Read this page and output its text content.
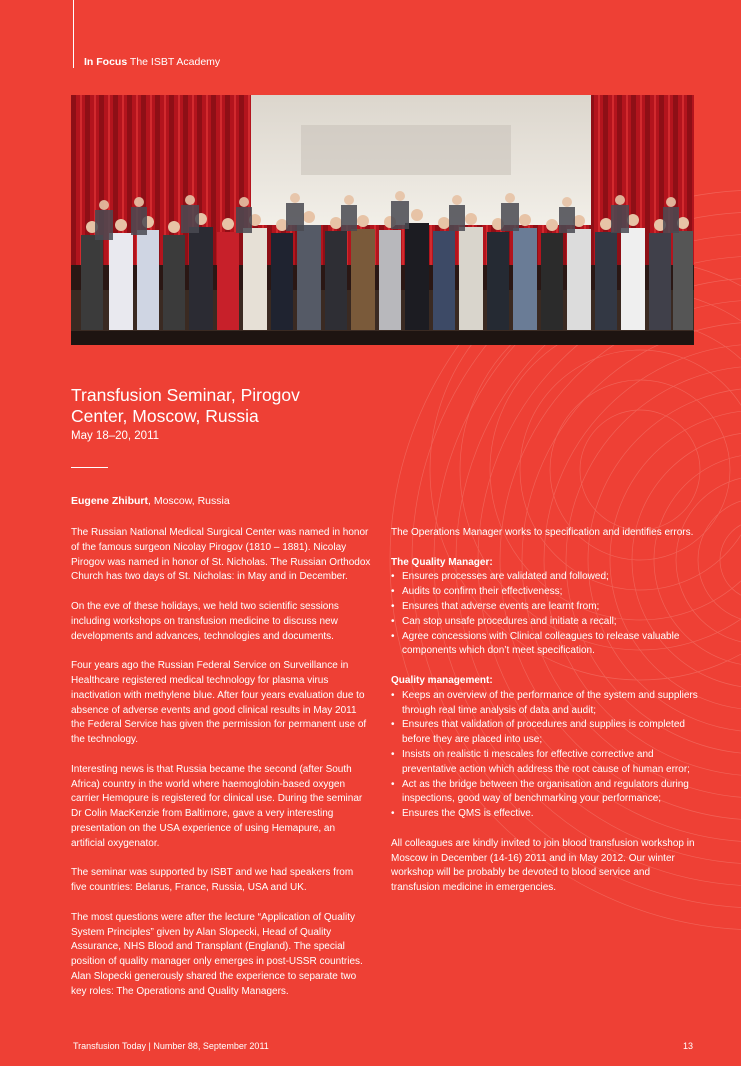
In Focus The ISBT Academy
Transfusion Seminar, Pirogov
Center, Moscow, Russia
May 18–20, 2011
Eugene Zhiburt, Moscow, Russia

The Russian National Medical Surgical Center was named in honor of the famous surgeon Nicolay Pirogov (1810 – 1881). Nicolay Pirogov was named in honor of St. Nicholas. The Russian Orthodox Church has two days of St. Nicholas: in May and in December.

On the eve of these holidays, we held two scientific sessions including workshops on transfusion medicine to discuss new developments and advances, technologies and documents.

Four years ago the Russian Federal Service on Surveillance in Healthcare registered medical technology for plasma virus inactivation with methylene blue. After four years evaluation due to absence of adverse events and good clinical results in May 2011 the Federal Service has given the permission for permanent use of the technology.

Interesting news is that Russia became the second (after South Africa) country in the world where haemoglobin-based oxygen carrier Hemopure is registered for clinical use. During the seminar Dr Colin MacKenzie from Baltimore, gave a very interesting presentation on the USA experience of using Hemapure, an artificial oxygenator.

The seminar was supported by ISBT and we had speakers from five countries: Belarus, France, Russia, USA and UK.

The most questions were after the lecture “Application of Quality System Principles” given by Alan Slopecki, Head of Quality Assurance, NHS Blood and Transplant (England). The special position of quality manager only emerges in post-USSR countries. Alan Slopecki generously shared the experience to separate two key roles: The Operations and Quality Managers.

The Operations Manager works to specification and identifies errors.

The Quality Manager:

• Ensures processes are validated and followed;
• Audits to confirm their effectiveness;
• Ensures that adverse events are learnt from;
• Can stop unsafe procedures and initiate a recall;
• Agree concessions with Clinical colleagues to release valuable components which don’t meet specification.

Quality management:

• Keeps an overview of the performance of the system and suppliers through real time analysis of data and audit;
• Ensures that validation of procedures and supplies is completed before they are placed into use;
• Insists on realistic ti mescales for effective corrective and preventative action which address the root cause of human error;
• Act as the bridge between the organisation and regulators during inspections, good way of benchmarking your performance;
• Ensures the QMS is effective.

All colleagues are kindly invited to join blood transfusion workshop in Moscow in December (14-16) 2011 and in May 2012. Our winter workshop will be probably be devoted to blood service and transfusion medicine in emergencies.

Transfusion Today | Number 88, September 2011	13
